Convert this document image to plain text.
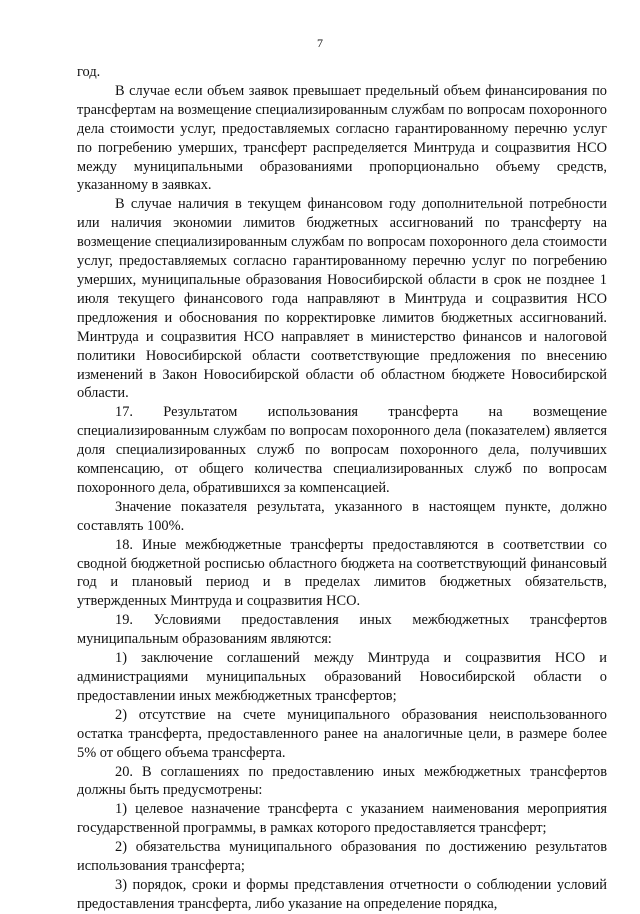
7

год.

В случае если объем заявок превышает предельный объем финансирования по трансфертам на возмещение специализированным службам по вопросам похоронного дела стоимости услуг, предоставляемых согласно гарантированному перечню услуг по погребению умерших, трансферт распределяется Минтруда и соцразвития НСО между муниципальными образованиями пропорционально объему средств, указанному в заявках.

В случае наличия в текущем финансовом году дополнительной потребности или наличия экономии лимитов бюджетных ассигнований по трансферту на возмещение специализированным службам по вопросам похоронного дела стоимости услуг, предоставляемых согласно гарантированному перечню услуг по погребению умерших, муниципальные образования Новосибирской области в срок не позднее 1 июля текущего финансового года направляют в Минтруда и соцразвития НСО предложения и обоснования по корректировке лимитов бюджетных ассигнований. Минтруда и соцразвития НСО направляет в министерство финансов и налоговой политики Новосибирской области соответствующие предложения по внесению изменений в Закон Новосибирской области об областном бюджете Новосибирской области.

17. Результатом использования трансферта на возмещение специализированным службам по вопросам похоронного дела (показателем) является доля специализированных служб по вопросам похоронного дела, получивших компенсацию, от общего количества специализированных служб по вопросам похоронного дела, обратившихся за компенсацией.

Значение показателя результата, указанного в настоящем пункте, должно составлять 100%.

18. Иные межбюджетные трансферты предоставляются в соответствии со сводной бюджетной росписью областного бюджета на соответствующий финансовый год и плановый период и в пределах лимитов бюджетных обязательств, утвержденных Минтруда и соцразвития НСО.

19. Условиями предоставления иных межбюджетных трансфертов муниципальным образованиям являются:

1) заключение соглашений между Минтруда и соцразвития НСО и администрациями муниципальных образований Новосибирской области о предоставлении иных межбюджетных трансфертов;

2) отсутствие на счете муниципального образования неиспользованного остатка трансферта, предоставленного ранее на аналогичные цели, в размере более 5% от общего объема трансферта.

20. В соглашениях по предоставлению иных межбюджетных трансфертов должны быть предусмотрены:

1) целевое назначение трансферта с указанием наименования мероприятия государственной программы, в рамках которого предоставляется трансферт;

2) обязательства муниципального образования по достижению результатов использования трансферта;

3) порядок, сроки и формы представления отчетности о соблюдении условий предоставления трансферта, либо указание на определение порядка,
